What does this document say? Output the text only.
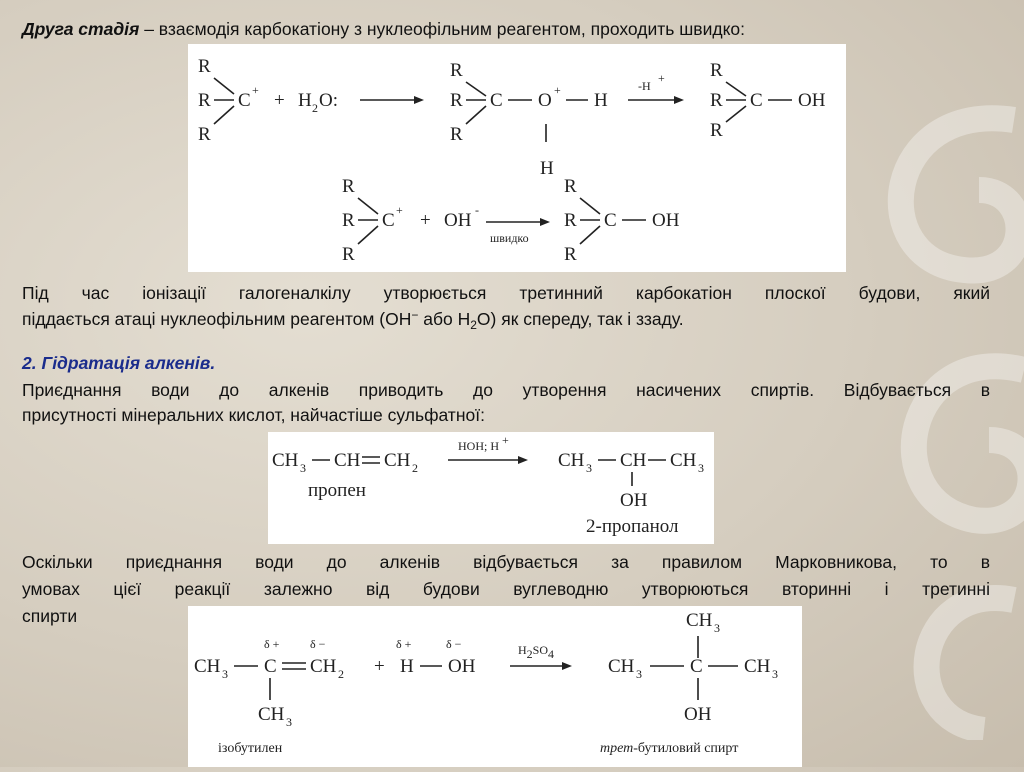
Друга стадія – взаємодія карбокатіону з нуклеофільним реагентом, проходить швидко:
R
R
R
C + + H 2 O:
R
R
R
C O + H
H
-H
+ R
R
R
C OH
R
R
R
C + + OH -
швидко
R
R
R
C OH
Під час іонізації галогеналкілу утворюється третинний карбокатіон плоскої будови, який
піддається атаці нуклеофільним реагентом (OH− або $H_2O$) як спереду, так і ззаду.
2. Гідратація алкенів.
Приєднання води до алкенів приводить до утворення насичених спиртів. Відбувається в
присутності мінеральних кислот, найчастіше сульфатної:
CH 3 CH CH 2
пропен
HOH; H +
CH 3 CH CH 3
OH
2-пропанол
Оскільки приєднання води до алкенів відбувається за правилом Марковникова, то в
умовах цієї реакції залежно від будови вуглеводню утворюються вторинні і третинні
спирти
δ +	δ −
CH 3 C CH 2
CH 3
+
δ +	δ −
H OH
H2SO4
CH 3
CH 3	C CH 3
OH
ізобутилен	трет-бутиловий спирт
